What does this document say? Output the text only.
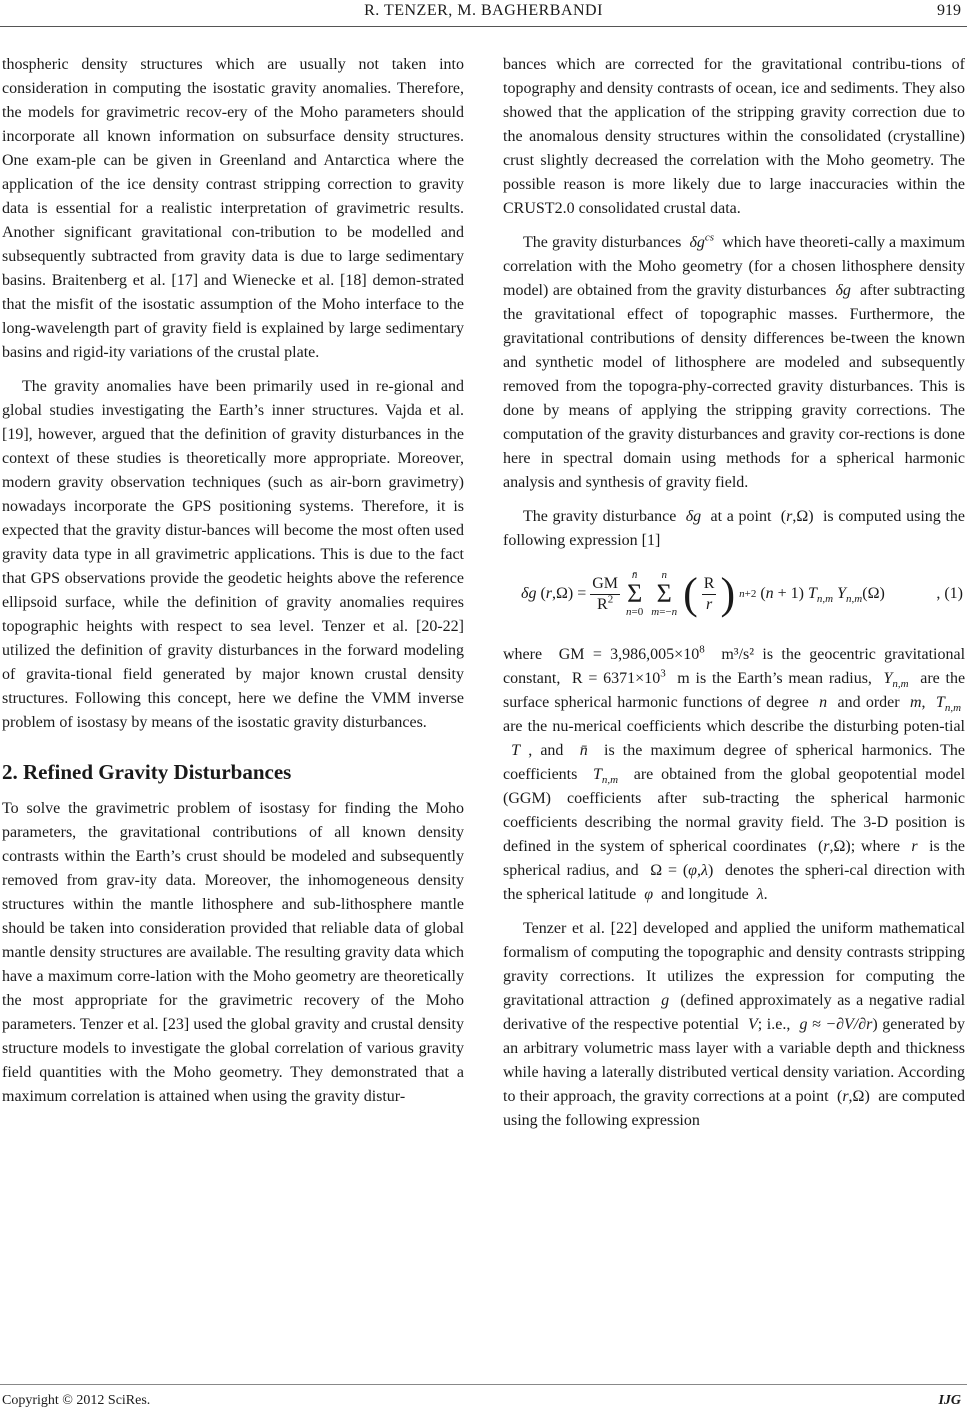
R. TENZER, M. BAGHERBANDI	919

thospheric density structures which are usually not taken into consideration in computing the isostatic gravity anomalies. Therefore, the models for gravimetric recov-ery of the Moho parameters should incorporate all known information on subsurface density structures. One exam-ple can be given in Greenland and Antarctica where the application of the ice density contrast stripping correction to gravity data is essential for a realistic interpretation of gravimetric results. Another significant gravitational con-tribution to be modelled and subsequently subtracted from gravity data is due to large sedimentary basins. Braitenberg et al. [17] and Wienecke et al. [18] demon-strated that the misfit of the isostatic assumption of the Moho interface to the long-wavelength part of gravity field is explained by large sedimentary basins and rigid-ity variations of the crustal plate.

The gravity anomalies have been primarily used in re-gional and global studies investigating the Earth’s inner structures. Vajda et al. [19], however, argued that the definition of gravity disturbances in the context of these studies is theoretically more appropriate. Moreover, modern gravity observation techniques (such as air-born gravimetry) nowadays incorporate the GPS positioning systems. Therefore, it is expected that the gravity distur-bances will become the most often used gravity data type in all gravimetric applications. This is due to the fact that GPS observations provide the geodetic heights above the reference ellipsoid surface, while the definition of gravity anomalies requires topographic heights with respect to sea level. Tenzer et al. [20-22] utilized the definition of gravity disturbances in the forward modeling of gravita-tional field generated by major known crustal density structures. Following this concept, here we define the VMM inverse problem of isostasy by means of the isostatic gravity disturbances.

2. Refined Gravity Disturbances

To solve the gravimetric problem of isostasy for finding the Moho parameters, the gravitational contributions of all known density contrasts within the Earth’s crust should be modeled and subsequently removed from grav-ity data. Moreover, the inhomogeneous density structures within the mantle lithosphere and sub-lithosphere mantle should be taken into consideration provided that reliable data of global mantle density structures are available. The resulting gravity data which have a maximum corre-lation with the Moho geometry are theoretically the most appropriate for the gravimetric recovery of the Moho parameters. Tenzer et al. [23] used the global gravity and crustal density structure models to investigate the global correlation of various gravity field quantities with the Moho geometry. They demonstrated that a maximum correlation is attained when using the gravity distur-

bances which are corrected for the gravitational contribu-tions of topography and density contrasts of ocean, ice and sediments. They also showed that the application of the stripping gravity correction due to the anomalous density structures within the consolidated (crystalline) crust slightly decreased the correlation with the Moho geometry. The possible reason is more likely due to large inaccuracies within the CRUST2.0 consolidated crustal data.

The gravity disturbances  $\delta g^{cs}$ which have theoreti-cally a maximum correlation with the Moho geometry (for a chosen lithosphere density model) are obtained from the gravity disturbances  δg  after subtracting the gravitational effect of topographic masses. Furthermore, the gravitational contributions of density differences be-tween the known and synthetic model of lithosphere are modeled and subsequently removed from the topogra-phy-corrected gravity disturbances. This is done by means of applying the stripping gravity corrections. The computation of the gravity disturbances and gravity cor-rections is done here in spectral domain using methods for a spherical harmonic analysis and synthesis of gravity field.

The gravity disturbance  δg  at a point  (r,Ω)  is computed using the following expression [1]

δg $(r,\Omega) = \frac{GM}{R^2}$ n̄
Σ
n=0
n
Σ
m=−n ( $\frac{R}{r}$ ) n+2 (n + 1) $T_{n,m}$ $Y_{n,m}(\Omega)$	, (1)

where GM = $3,986,005\times 10^8$ m³/s² is the geocentric gravitational constant, $R = 6371\times 10^3$ m is the Earth’s mean radius,  $Y_{n,m}$ are the surface spherical harmonic functions of degree  n  and order  m,  $T_{n,m}$  are the nu-merical coefficients which describe the disturbing poten-tial  T , and  n̄  is the maximum degree of spherical harmonics. The coefficients  $T_{n,m}$ are obtained from the global geopotential model (GGM) coefficients after sub-tracting the spherical harmonic coefficients describing the normal gravity field. The 3-D position is defined in the system of spherical coordinates  (r,Ω); where  r  is the spherical radius, and  Ω = (φ,λ)  denotes the spheri-cal direction with the spherical latitude  φ  and longitude  λ.

Tenzer et al. [22] developed and applied the uniform mathematical formalism of computing the topographic and density contrasts stripping gravity corrections. It utilizes the expression for computing the gravitational attraction  g  (defined approximately as a negative radial derivative of the respective potential  V; i.e.,  g ≈ −∂V/∂r) generated by an arbitrary volumetric mass layer with a variable depth and thickness while having a laterally distributed vertical density variation. According to their approach, the gravity corrections at a point  (r,Ω)  are computed using the following expression

Copyright © 2012 SciRes.	IJG
